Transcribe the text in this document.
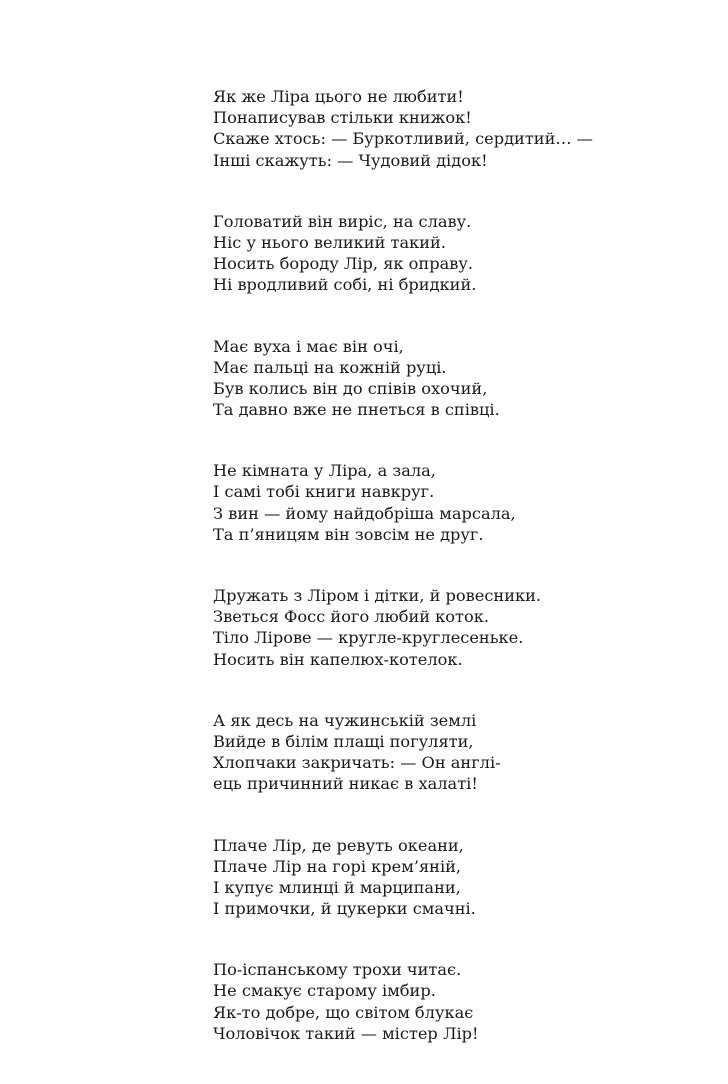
Як же Ліра цього не любити!
Понаписував стільки книжок!
Скаже хтось: — Буркотливий, сердитий… —
Інші скажуть: — Чудовий дідок!
Головатий він виріс, на славу.
Ніс у нього великий такий.
Носить бороду Лір, як оправу.
Ні вродливий собі, ні бридкий.
Має вуха і має він очі,
Має пальці на кожній руці.
Був колись він до співів охочий,
Та давно вже не пнеться в співці.
Не кімната у Ліра, а зала,
І самі тобі книги навкруг.
З вин — йому найдобріша марсала,
Та п’яницям він зовсім не друг.
Дружать з Ліром і дітки, й ровесники.
Зветься Фосс його любий коток.
Тіло Лірове — кругле-круглесеньке.
Носить він капелюх-котелок.
А як десь на чужинській землі
Вийде в білім плащі погуляти,
Хлопчаки закричать: — Он англі-
ець причинний никає в халаті!
Плаче Лір, де ревуть океани,
Плаче Лір на горі крем’яній,
І купує млинці й марципани,
І примочки, й цукерки смачні.
По-іспанському трохи читає.
Не смакує старому імбир.
Як-то добре, що світом блукає
Чоловічок такий — містер Лір!
